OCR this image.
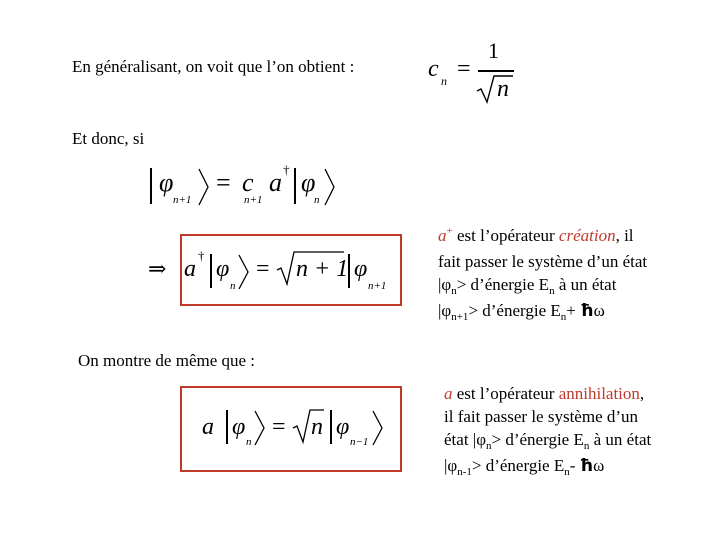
En généralisant, on voit que l’on obtient :	c n =
1
n
Et donc, si
φ
n+1
= c
n+1
a † φ
n
⇒ a
†
φ
n
= n + 1 φ
n+1
a+ est l’opérateur création, il
fait passer le système d’un état
$|\varphi_n>$ d’énergie $E_n$ à un état
$|\varphi_{n+1}>$ d’énergie $E_n+$ ħω
On montre de même que :
a φ
n
= n φ
n−1
a est l’opérateur annihilation,
il fait passer le système d’un
état $|\varphi_n>$ d’énergie $E_n$ à un état
$|\varphi_{n-1}>$ d’énergie $E_n-$ ħω
